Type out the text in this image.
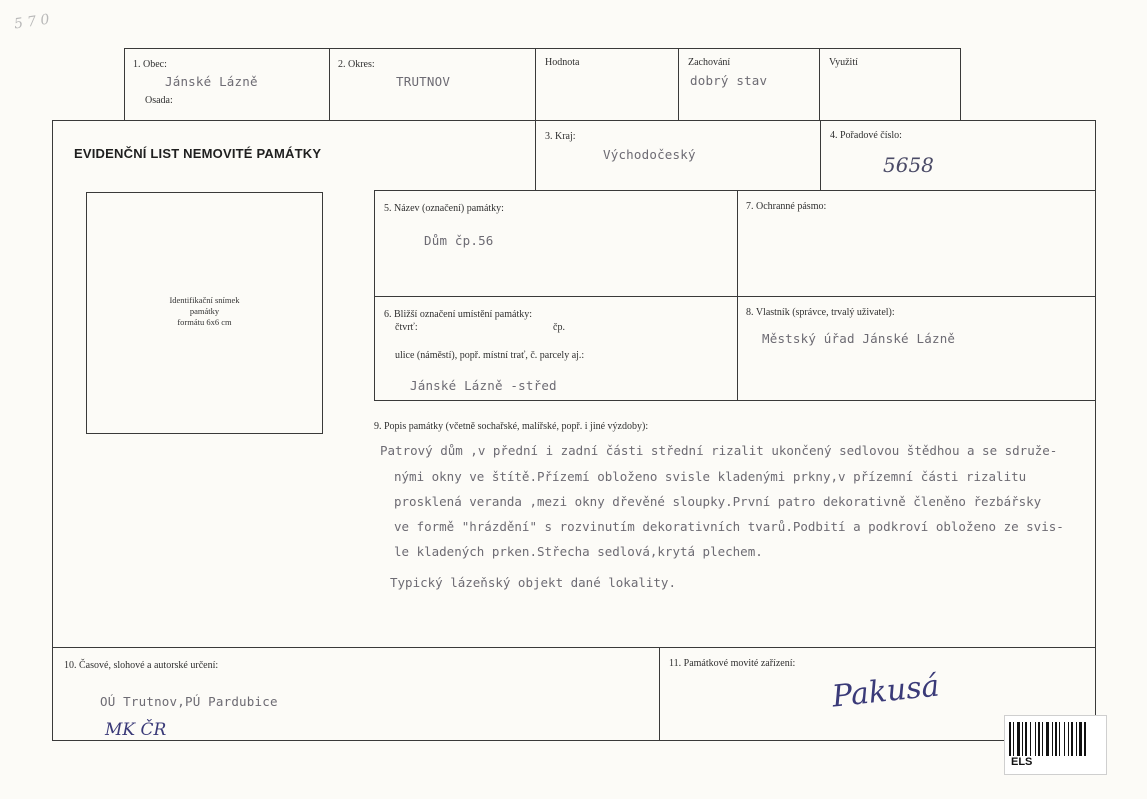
5 7 0
1. Obec:
Jánské Lázně
Osada:
2. Okres:
TRUTNOV
Hodnota	Zachování
dobrý stav
Využití
EVIDENČNÍ LIST NEMOVITÉ PAMÁTKY
3. Kraj:
Východočeský
4. Pořadové číslo:
5658
Identifikační snímek
památky
formátu 6x6 cm
5. Název (označení) památky:
Dům čp.56
7. Ochranné pásmo:
6. Bližší označení umístění památky:
čtvrť:	čp.
ulice (náměstí), popř. místní trať, č. parcely aj.:
Jánské Lázně -střed
8. Vlastník (správce, trvalý uživatel):
Městský úřad Jánské Lázně
9. Popis památky (včetně sochařské, malířské, popř. i jiné výzdoby):
Patrový dům ,v přední i zadní části střední rizalit ukončený sedlovou štědhou a se sdruže-
nými okny ve štítě.Přízemí obloženo svisle kladenými prkny,v přízemní části rizalitu
prosklená veranda ,mezi okny dřevěné sloupky.První patro dekorativně členěno řezbářsky
ve formě "hrázdění" s rozvinutím dekorativních tvarů.Podbití a podkroví obloženo ze svis-
le kladených prken.Střecha sedlová,krytá plechem.
Typický lázeňský objekt dané lokality.
10. Časové, slohové a autorské určení:
OÚ Trutnov,PÚ Pardubice
MK ČR
11. Památkové movité zařízení:
Pakusá
ELS
